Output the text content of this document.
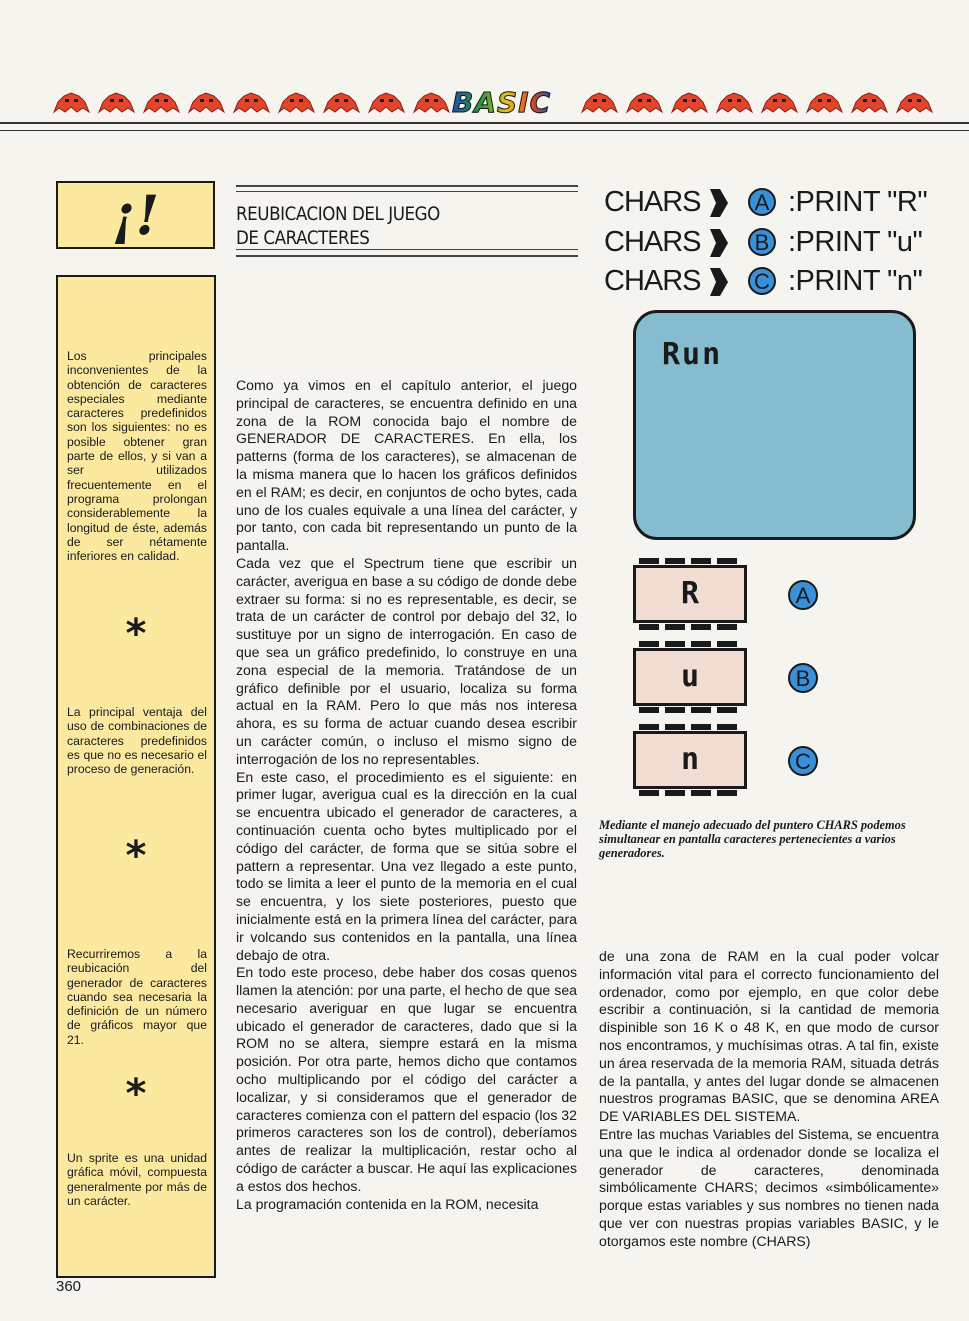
BASIC
¡!
Los principales inconvenientes de la obtención de caracteres especiales mediante caracteres predefinidos son los siguientes: no es posible obtener gran parte de ellos, y si van a ser utilizados frecuentemente en el programa prolongan considerablemente la longitud de éste, además de ser nétamente inferiores en calidad.
*
La principal ventaja del uso de combinaciones de caracteres predefinidos es que no es necesario el proceso de generación.
*
Recurriremos a la reubicación del generador de caracteres cuando sea necesaria la definición de un número de gráficos mayor que 21.
*
Un sprite es una unidad gráfica móvil, compuesta generalmente por más de un carácter.
REUBICACION DEL JUEGO
DE CARACTERES

Como ya vimos en el capítulo anterior, el juego principal de caracteres, se encuentra definido en una zona de la ROM conocida bajo el nombre de GENERADOR DE CARACTERES. En ella, los patterns (forma de los caracteres), se almacenan de la misma manera que lo hacen los gráficos definidos en el RAM; es decir, en conjuntos de ocho bytes, cada uno de los cuales equivale a una línea del carácter, y por tanto, con cada bit representando un punto de la pantalla.

Cada vez que el Spectrum tiene que escribir un carácter, averigua en base a su código de donde debe extraer su forma: si no es representable, es decir, se trata de un carácter de control por debajo del 32, lo sustituye por un signo de interrogación. En caso de que sea un gráfico predefinido, lo construye en una zona especial de la memoria. Tratándose de un gráfico definible por el usuario, localiza su forma actual en la RAM. Pero lo que más nos interesa ahora, es su forma de actuar cuando desea escribir un carácter común, o incluso el mismo signo de interrogación de los no representables.

En este caso, el procedimiento es el siguiente: en primer lugar, averigua cual es la dirección en la cual se encuentra ubicado el generador de caracteres, a continuación cuenta ocho bytes multiplicado por el código del carácter, de forma que se sitúa sobre el pattern a representar. Una vez llegado a este punto, todo se limita a leer el punto de la memoria en el cual se encuentra, y los siete posteriores, puesto que inicialmente está en la primera línea del carácter, para ir volcando sus contenidos en la pantalla, una línea debajo de otra.

En todo este proceso, debe haber dos cosas quenos llamen la atención: por una parte, el hecho de que sea necesario averiguar en que lugar se encuentra ubicado el generador de caracteres, dado que si la ROM no se altera, siempre estará en la misma posición. Por otra parte, hemos dicho que contamos ocho multiplicando por el código del carácter a localizar, y si consideramos que el generador de caracteres comienza con el pattern del espacio (los 32 primeros caracteres son los de control), deberíamos antes de realizar la multiplicación, restar ocho al código de carácter a buscar. He aquí las explicaciones a estos dos hechos.

La programación contenida en la ROM, necesita

CHARS	A :PRINT "R"
CHARS	B :PRINT "u"
CHARS C :PRINT "n"
Run
R	A
u	B
n	C
Mediante el manejo adecuado del puntero CHARS podemos simultanear en pantalla caracteres pertenecientes a varios generadores.

de una zona de RAM en la cual poder volcar información vital para el correcto funcionamiento del ordenador, como por ejemplo, en que color debe escribir a continuación, si la cantidad de memoria dispinible son 16 K o 48 K, en que modo de cursor nos encontramos, y muchísimas otras. A tal fin, existe un área reservada de la memoria RAM, situada detrás de la pantalla, y antes del lugar donde se almacenen nuestros programas BASIC, que se denomina AREA DE VARIABLES DEL SISTEMA.

Entre las muchas Variables del Sistema, se encuentra una que le indica al ordenador donde se localiza el generador de caracteres, denominada simbólicamente CHARS; decimos «simbólicamente» porque estas variables y sus nombres no tienen nada que ver con nuestras propias variables BASIC, y le otorgamos este nombre (CHARS)

360
